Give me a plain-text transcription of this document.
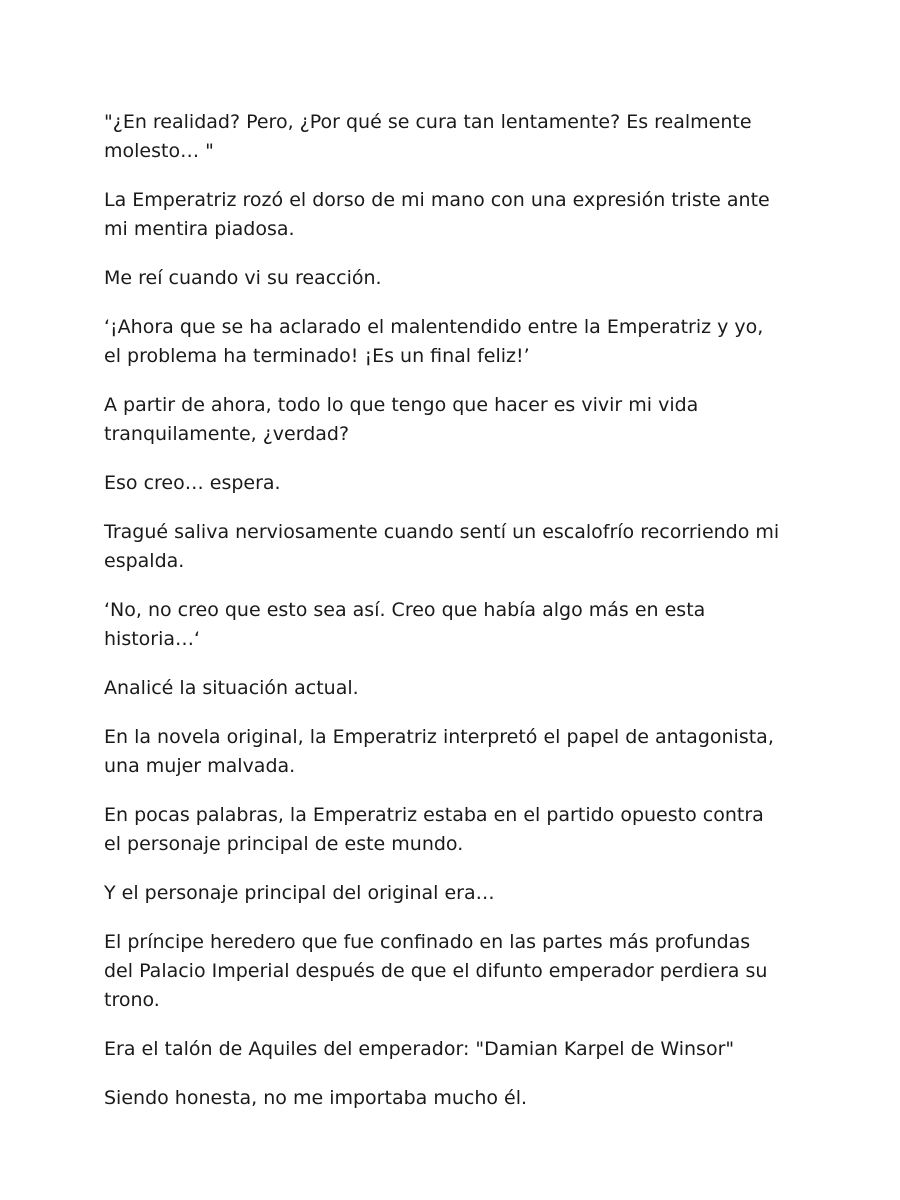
"¿En realidad? Pero, ¿Por qué se cura tan lentamente? Es realmente molesto… "

La Emperatriz rozó el dorso de mi mano con una expresión triste ante mi mentira piadosa.

Me reí cuando vi su reacción.

‘¡Ahora que se ha aclarado el malentendido entre la Emperatriz y yo, el problema ha terminado! ¡Es un final feliz!’

A partir de ahora, todo lo que tengo que hacer es vivir mi vida tranquilamente, ¿verdad?

Eso creo… espera.

Tragué saliva nerviosamente cuando sentí un escalofrío recorriendo mi espalda.

‘No, no creo que esto sea así. Creo que había algo más en esta historia…‘

Analicé la situación actual.

En la novela original, la Emperatriz interpretó el papel de antagonista, una mujer malvada.

En pocas palabras, la Emperatriz estaba en el partido opuesto contra el personaje principal de este mundo.

Y el personaje principal del original era…

El príncipe heredero que fue confinado en las partes más profundas del Palacio Imperial después de que el difunto emperador perdiera su trono.

Era el talón de Aquiles del emperador: "Damian Karpel de Winsor"

Siendo honesta, no me importaba mucho él.
